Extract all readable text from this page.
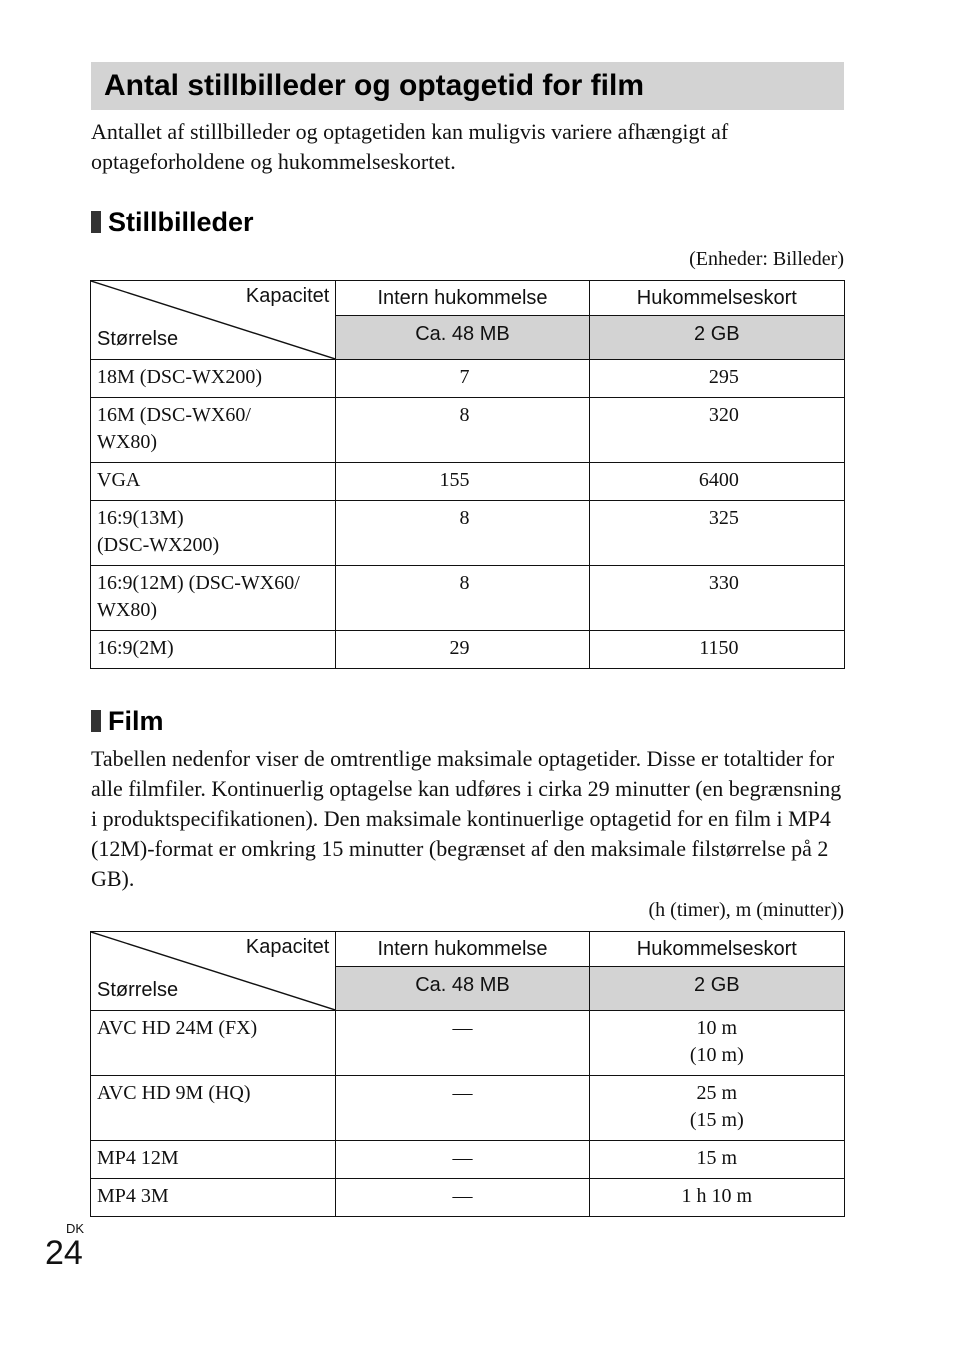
Antal stillbilleder og optagetid for film
Antallet af stillbilleder og optagetiden kan muligvis variere afhængigt af optageforholdene og hukommelseskortet.
Stillbilleder
(Enheder: Billeder)
Kapacitet
Størrelse	Intern hukommelse	Hukommelseskort
	Ca. 48 MB	2 GB
18M (DSC-WX200)	7	295
16M (DSC-WX60/ WX80)	8	320
VGA	155	6400
16:9(13M) (DSC-WX200)	8	325
16:9(12M) (DSC-WX60/ WX80)	8	330
16:9(2M)	29	1150
Film
Tabellen nedenfor viser de omtrentlige maksimale optagetider. Disse er totaltider for alle filmfiler. Kontinuerlig optagelse kan udføres i cirka 29 minutter (en begrænsning i produktspecifikationen). Den maksimale kontinuerlige optagetid for en film i MP4 (12M)-format er omkring 15 minutter (begrænset af den maksimale filstørrelse på 2 GB).
(h (timer), m (minutter))
Kapacitet
Størrelse	Intern hukommelse	Hukommelseskort
	Ca. 48 MB	2 GB
AVC HD 24M (FX)	—	10 m
(10 m)

AVC HD 9M (HQ)	—	25 m
(15 m)

MP4 12M	—	15 m

MP4 3M	—	1 h 10 m
DK
24
